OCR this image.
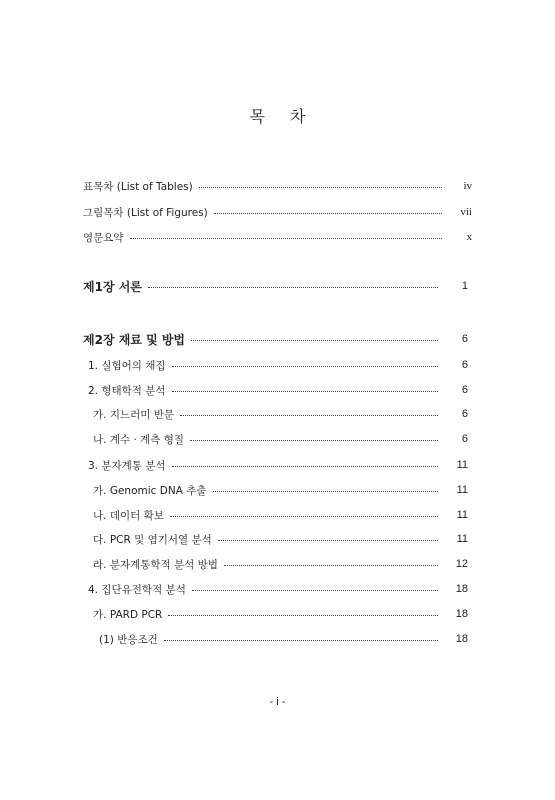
목 차
표목차 (List of Tables)	iv
그림목차 (List of Figures)	vii
영문요약	x
제1장 서론	1
제2장 재료 및 방법	6
1. 실험어의 채집	6
2. 형태학적 분석	6
가. 지느러미 반문	6
나. 계수 · 계측 형질	6
3. 분자계통 분석	11
가. Genomic DNA 추출	11
나. 데이터 확보	11
다. PCR 및 염기서열 분석	11
라. 분자계통학적 분석 방법	12
4. 집단유전학적 분석	18
가. PARD PCR	18
(1) 반응조건	18
- i -
